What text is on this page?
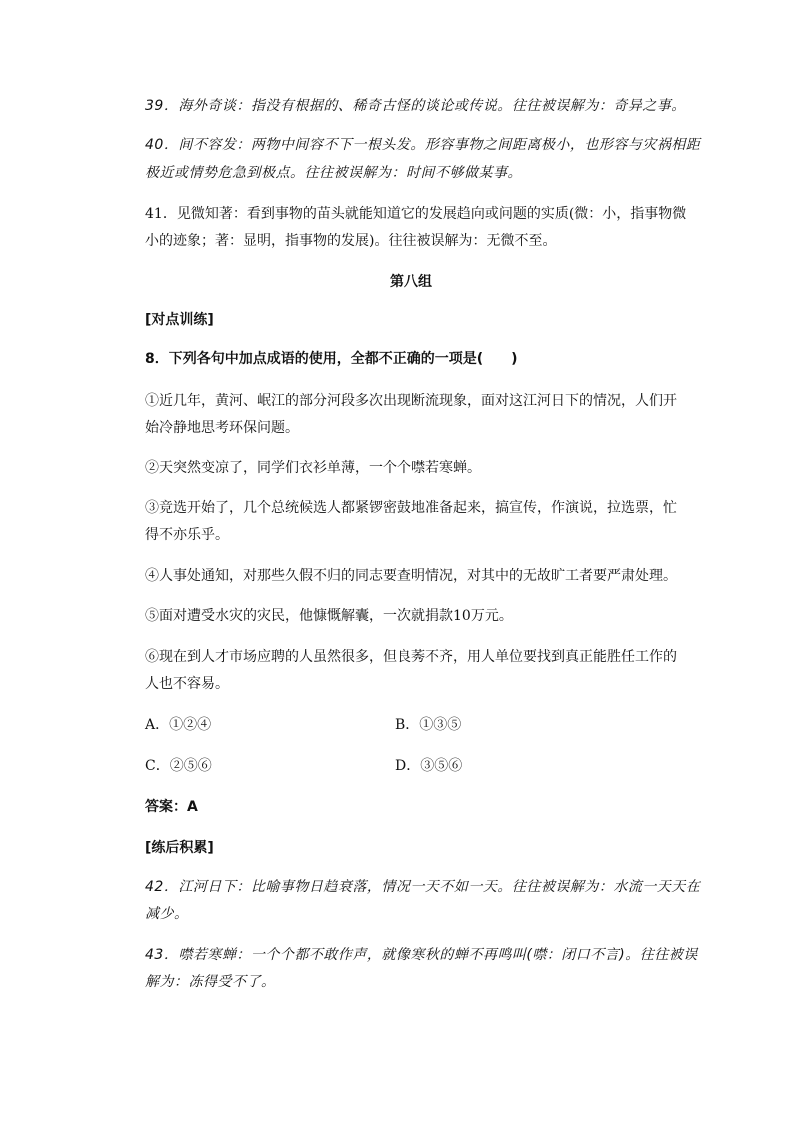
39．海外奇谈：指没有根据的、稀奇古怪的谈论或传说。往往被误解为：奇异之事。
40．间不容发：两物中间容不下一根头发。形容事物之间距离极小，也形容与灾祸相距
极近或情势危急到极点。往往被误解为：时间不够做某事。
41．见微知著：看到事物的苗头就能知道它的发展趋向或问题的实质(微：小，指事物微
小的迹象；著：显明，指事物的发展)。往往被误解为：无微不至。
第八组
[对点训练]
8．下列各句中加点成语的使用，全都不正确的一项是(　　)
①近几年，黄河、岷江的部分河段多次出现断流现象，面对这江河日下的情况，人们开
始冷静地思考环保问题。
②天突然变凉了，同学们衣衫单薄，一个个噤若寒蝉。
③竞选开始了，几个总统候选人都紧锣密鼓地准备起来，搞宣传，作演说，拉选票，忙
得不亦乐乎。
④人事处通知，对那些久假不归的同志要查明情况，对其中的无故旷工者要严肃处理。
⑤面对遭受水灾的灾民，他慷慨解囊，一次就捐款10万元。
⑥现在到人才市场应聘的人虽然很多，但良莠不齐，用人单位要找到真正能胜任工作的
人也不容易。
A．①②④	B．①③⑤
C．②⑤⑥	D．③⑤⑥
答案：A
[练后积累]
42．江河日下：比喻事物日趋衰落，情况一天不如一天。往往被误解为：水流一天天在
减少。
43．噤若寒蝉：一个个都不敢作声，就像寒秋的蝉不再鸣叫(噤：闭口不言)。往往被误
解为：冻得受不了。
